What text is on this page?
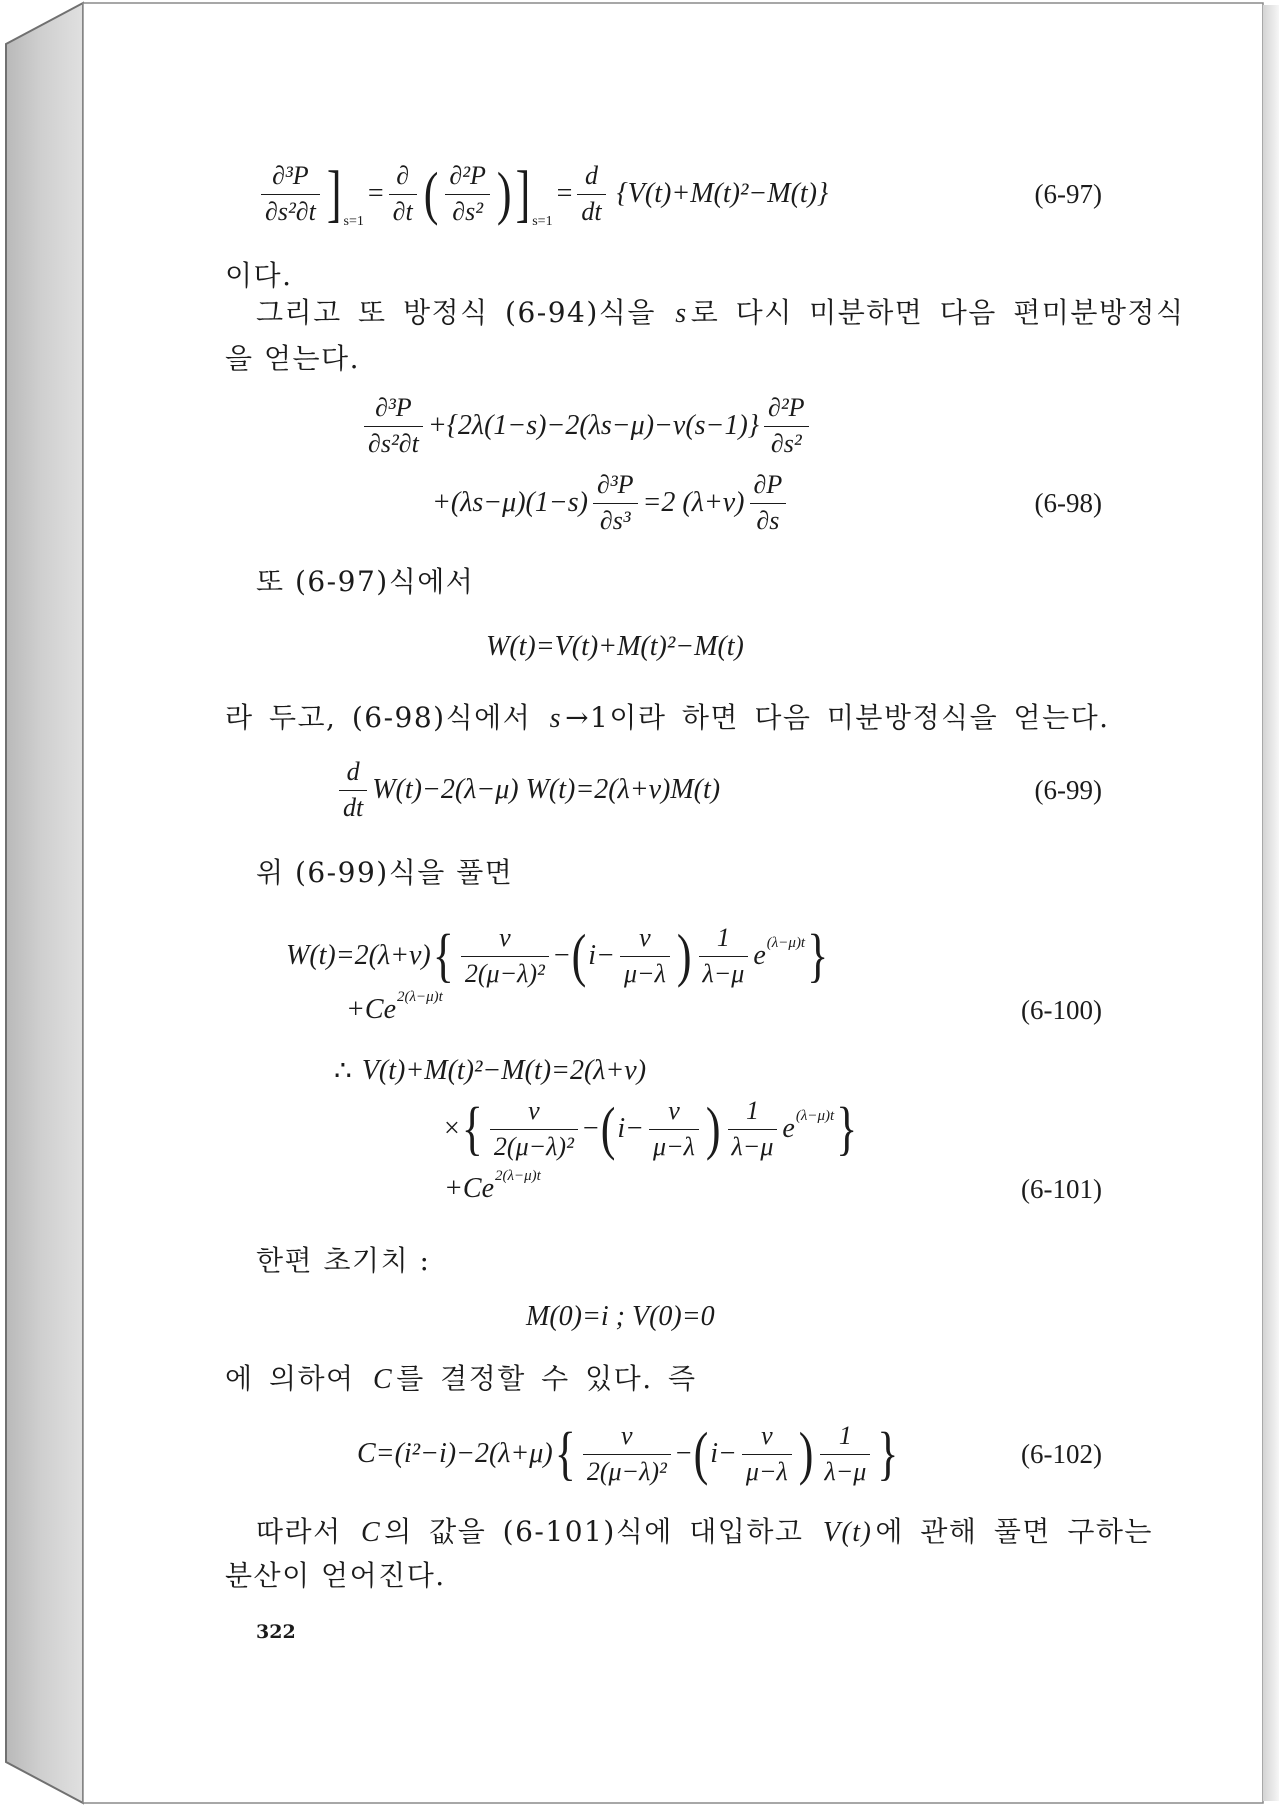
$\frac{\text{∂³P}}{\text{∂s²∂t}}$ ] s=1
= $\frac{\partial}{\partial t}$ ( $\frac{\text{∂²P}}{\text{∂s²}}$ ) ] s=1
= $\frac{d}{dt} \{V(t)+M(t)^2-M(t)\}$	(6-97)
이다.
그리고 또 방정식 (6-94)식을 s 로 다시 미분하면 다음 편미분방정식
을 얻는다.
$\frac{\text{∂³P}}{\text{∂s²∂t}} +\{2\lambda(1-s)-2(\lambda s-\mu)-\nu(s-1)\} \frac{\text{∂²P}}{\text{∂s²}}$
$+(\lambda s-\mu)(1-s) \frac{\text{∂³P}}{\text{∂s³}} =2$ $(\lambda+\nu) \frac{\partial P}{\partial s}$	(6-98)
또 (6-97)식에서
W(t)=V(t)+M(t)²−M(t)
라 두고, (6-98)식에서 s →1이라 하면 다음 미분방정식을 얻는다.
$\frac{d}{dt} W(t)-2(\lambda-\mu)$ W(t)=2(λ+ν)M(t)	(6-99)
위 (6-99)식을 풀면
W(t)=2(λ+ν) { $\frac{\nu}{\text{2(μ−λ)²}}$ − ( $i- \frac{\nu}{\mu-\lambda}$ ) $\frac{1}{\lambda-\mu}$ e (λ−μ)t }
+Ce 2(λ−μ)t	(6-100)
∴ V(t)+M(t)²−M(t)=2(λ+ν)
× { $\frac{\nu}{\text{2(μ−λ)²}}$ − ( $i- \frac{\nu}{\mu-\lambda}$ ) $\frac{1}{\lambda-\mu}$ e (λ−μ)t }
+Ce 2(λ−μ)t	(6-101)
한편 초기치 :
M(0)=i ; V(0)=0
에 의하여 C 를 결정할 수 있다. 즉
C=(i²−i)−2(λ+μ) { $\frac{\nu}{\text{2(μ−λ)²}}$ − ( $i- \frac{\nu}{\mu-\lambda}$ ) $\frac{1}{\lambda-\mu}$ }	(6-102)
따라서 C 의 값을 (6-101)식에 대입하고 V(t) 에 관해 풀면 구하는
분산이 얻어진다.
322
